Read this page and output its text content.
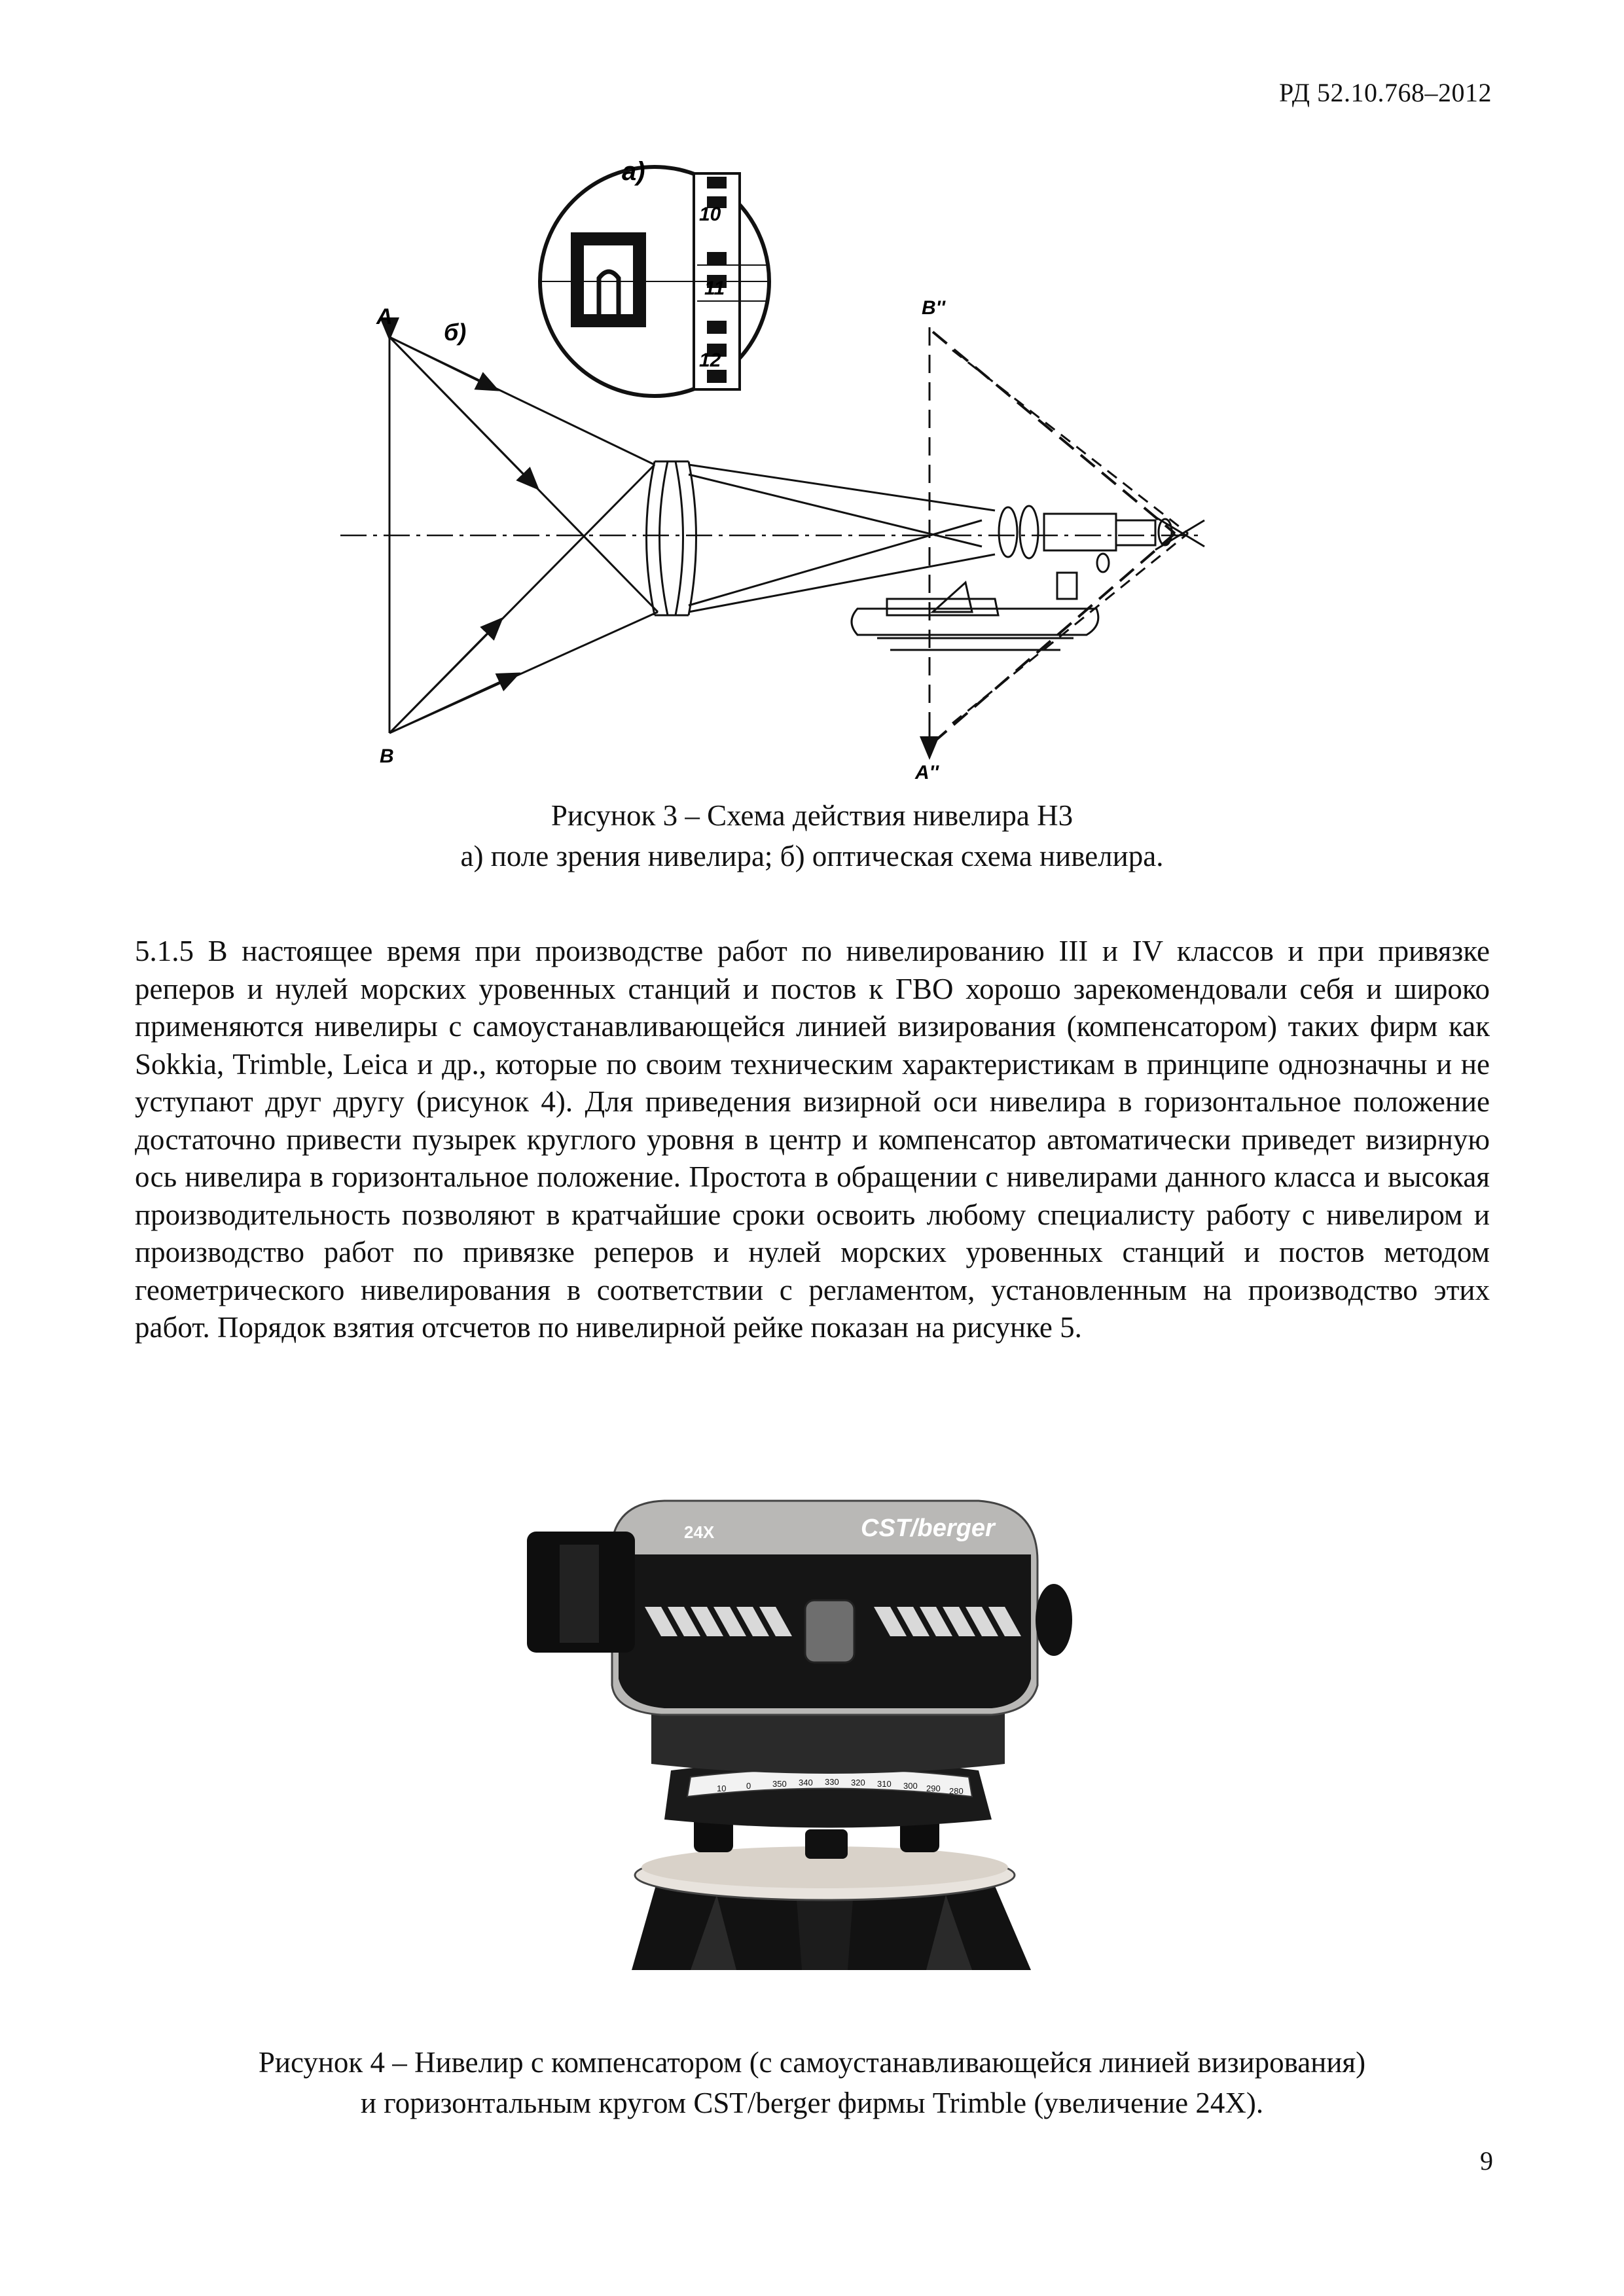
РД 52.10.768–2012
10
11
12
a)
б)
A
B
B''
A''
Рисунок 3 – Схема действия нивелира Н3
а) поле зрения нивелира; б) оптическая схема нивелира.
5.1.5 В настоящее время при производстве работ по нивелированию III и IV классов и при привязке реперов и нулей морских уровенных станций и постов к ГВО хорошо зарекомендовали себя и широко применяются нивелиры с самоустанавливающейся линией визирования (компенсатором) таких фирм как Sokkia, Trimble, Leica и др., которые по своим техническим характеристикам в принципе однозначны и не уступают друг другу (рисунок 4). Для приведения визирной оси нивелира в горизонтальное положение достаточно привести пузырек круглого уровня в центр и компенсатор автоматически приведет визирную ось нивелира в горизонтальное положение. Простота в обращении с нивелирами данного класса и высокая производительность позволяют в кратчайшие сроки освоить любому специалисту работу с нивелиром и производство работ по привязке реперов и нулей морских уровенных станций и постов методом геометрического нивелирования в соответствии с регламентом, установленным на производство этих работ. Порядок взятия отсчетов по нивелирной рейке показан на рисунке 5.
24X	CST/berger
10 0	350 340 330 320 310 300 290 280
Рисунок 4 – Нивелир с компенсатором (с самоустанавливающейся линией визирования)
и горизонтальным кругом CST/berger фирмы Trimble (увеличение 24X).
9
